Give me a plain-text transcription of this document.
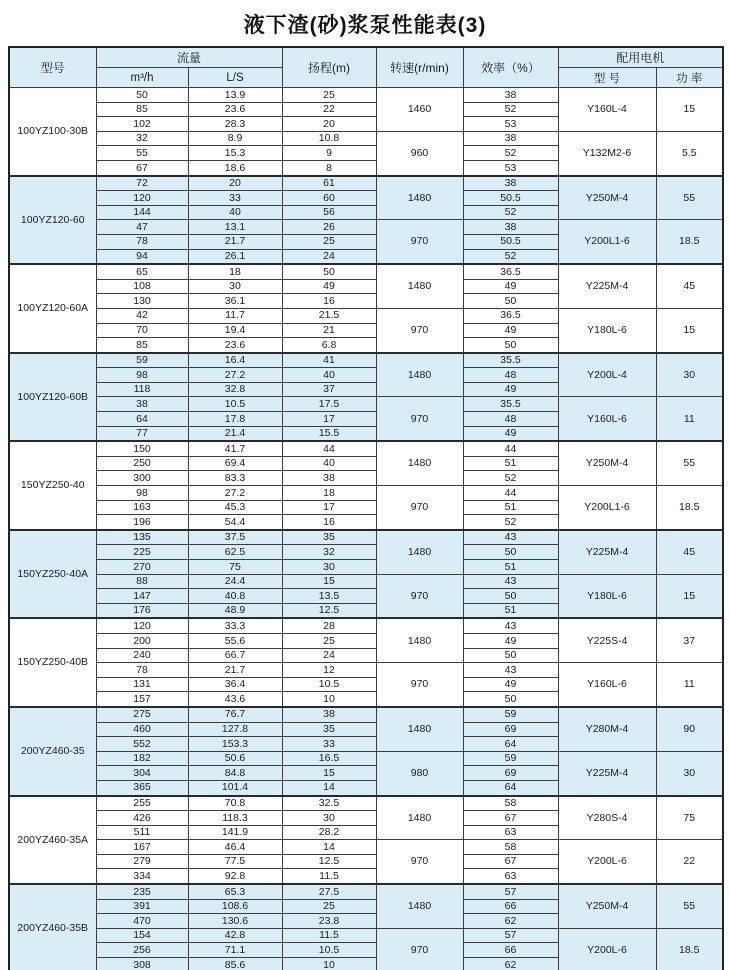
液下渣(砂)浆泵性能表(3)
型号	流量		扬程(m)	转速(r/min)	效率（%）	配用电机	
	m³/h	L/S				型 号	功 率
100YZ100-30B	50	13.9	25	1460	38	Y160L-4	15
	85	23.6	22		52		
	102	28.3	20		53		
	32	8.9	10.8	960	38	Y132M2-6	5.5
	55	15.3	9		52		
	67	18.6	8		53		
100YZ120-60	72	20	61	1480	38	Y250M-4	55
	120	33	60		50.5		
	144	40	56		52		
	47	13.1	26	970	38	Y200L1-6	18.5
	78	21.7	25		50.5		
	94	26.1	24		52		
100YZ120-60A	65	18	50	1480	36.5	Y225M-4	45
	108	30	49		49		
	130	36.1	16		50		
	42	11.7	21.5	970	36.5	Y180L-6	15
	70	19.4	21		49		
	85	23.6	6.8		50		
100YZ120-60B	59	16.4	41	1480	35.5	Y200L-4	30
	98	27.2	40		48		
	118	32.8	37		49		
	38	10.5	17.5	970	35.5	Y160L-6	11
	64	17.8	17		48		
	77	21.4	15.5		49		
150YZ250-40	150	41.7	44	1480	44	Y250M-4	55
	250	69.4	40		51		
	300	83.3	38		52		
	98	27.2	18	970	44	Y200L1-6	18.5
	163	45.3	17		51		
	196	54.4	16		52		
150YZ250-40A	135	37.5	35	1480	43	Y225M-4	45
	225	62.5	32		50		
	270	75	30		51		
	88	24.4	15	970	43	Y180L-6	15
	147	40.8	13.5		50		
	176	48.9	12.5		51		
150YZ250-40B	120	33.3	28	1480	43	Y225S-4	37
	200	55.6	25		49		
	240	66.7	24		50		
	78	21.7	12	970	43	Y160L-6	11
	131	36.4	10.5		49		
	157	43.6	10		50		
200YZ460-35	275	76.7	38	1480	59	Y280M-4	90
	460	127.8	35		69		
	552	153.3	33		64		
	182	50.6	16.5	980	59	Y225M-4	30
	304	84.8	15		69		
	365	101.4	14		64		
200YZ460-35A	255	70.8	32.5	1480	58	Y280S-4	75
	426	118.3	30		67		
	511	141.9	28.2		63		
	167	46.4	14	970	58	Y200L-6	22
	279	77.5	12.5		67		
	334	92.8	11.5		63		
200YZ460-35B	235	65.3	27.5	1480	57	Y250M-4	55
	391	108.6	25		66		
	470	130.6	23.8		62		
	154	42.8	11.5	970	57	Y200L-6	18.5
	256	71.1	10.5		66		
	308	85.6	10		62		
